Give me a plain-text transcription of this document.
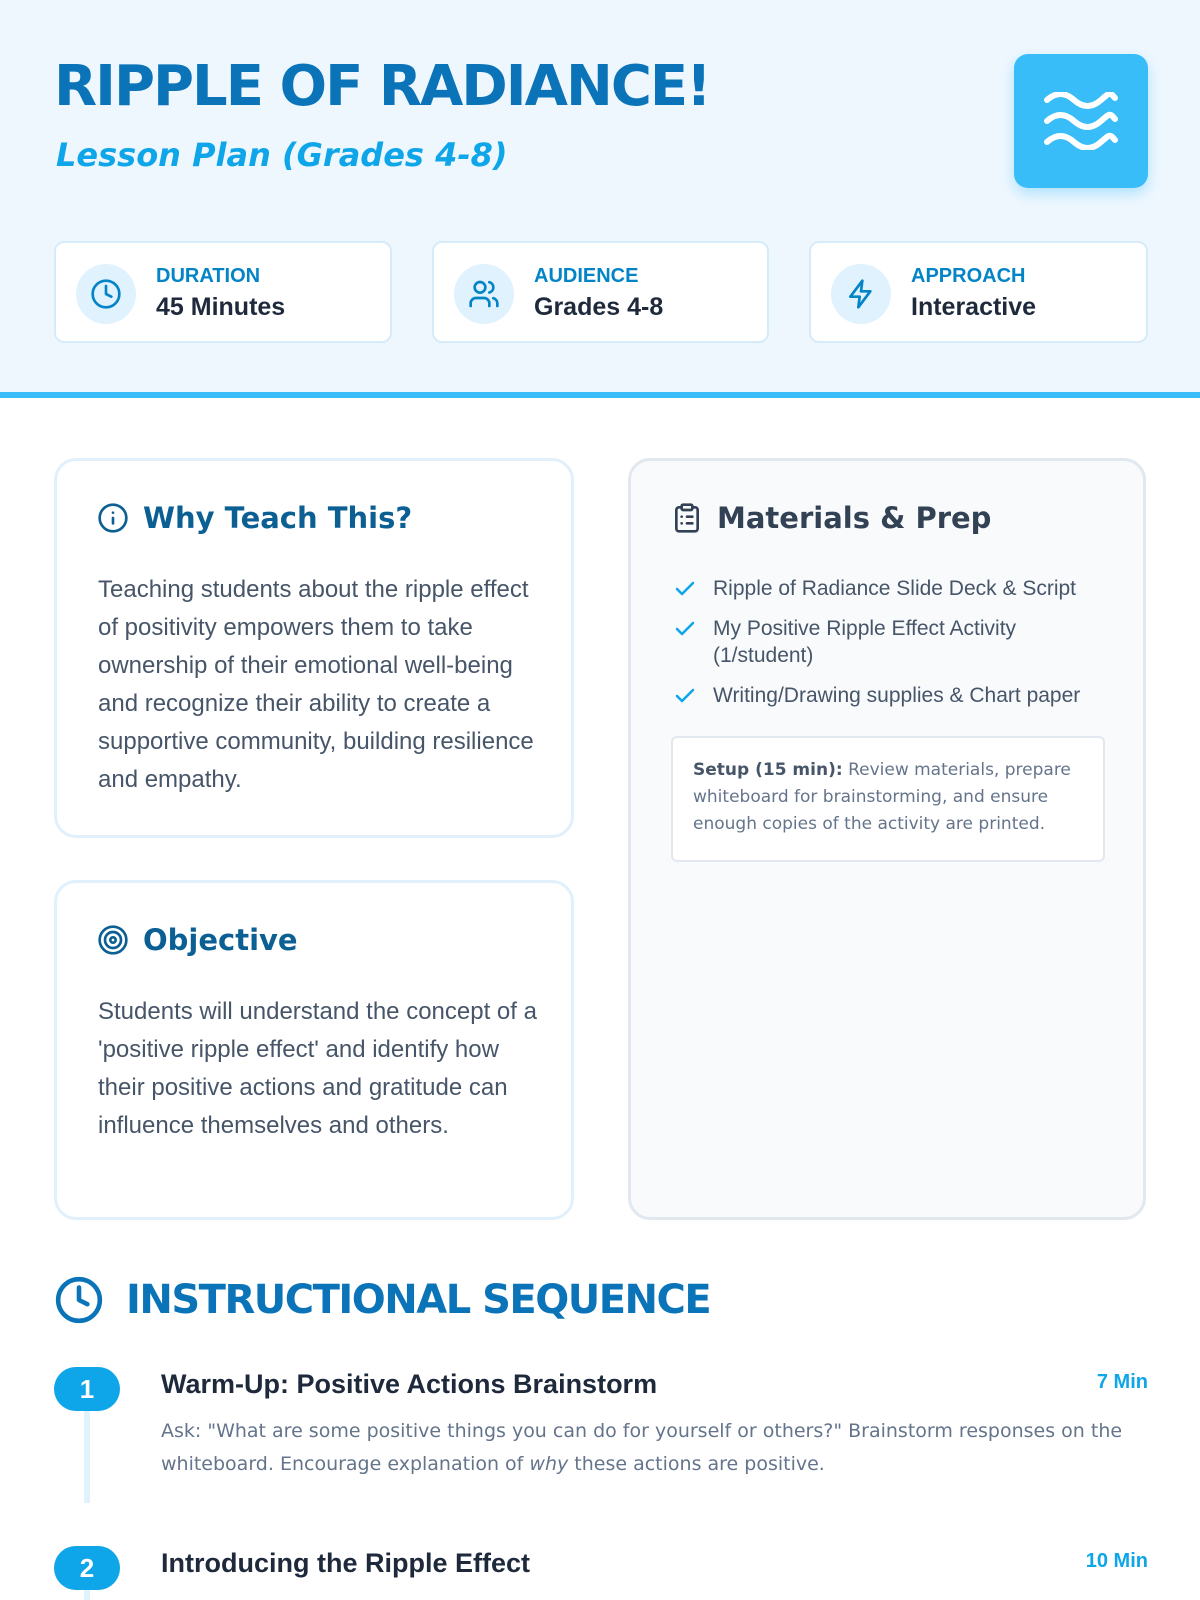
RIPPLE OF RADIANCE!
Lesson Plan (Grades 4-8)
DURATION
45 Minutes
AUDIENCE
Grades 4-8
APPROACH
Interactive
Why Teach This?

Teaching students about the ripple effect of positivity empowers them to take ownership of their emotional well-being and recognize their ability to create a supportive community, building resilience and empathy.

Objective

Students will understand the concept of a 'positive ripple effect' and identify how their positive actions and gratitude can influence themselves and others.

Materials & Prep
Ripple of Radiance Slide Deck & Script
My Positive Ripple Effect Activity (1/student)
Writing/Drawing supplies & Chart paper
Setup (15 min): Review materials, prepare whiteboard for brainstorming, and ensure enough copies of the activity are printed.
INSTRUCTIONAL SEQUENCE
1	Warm-Up: Positive Actions Brainstorm	7 Min

Ask: "What are some positive things you can do for yourself or others?" Brainstorm responses on the whiteboard. Encourage explanation of why these actions are positive.

2	Introducing the Ripple Effect	10 Min
